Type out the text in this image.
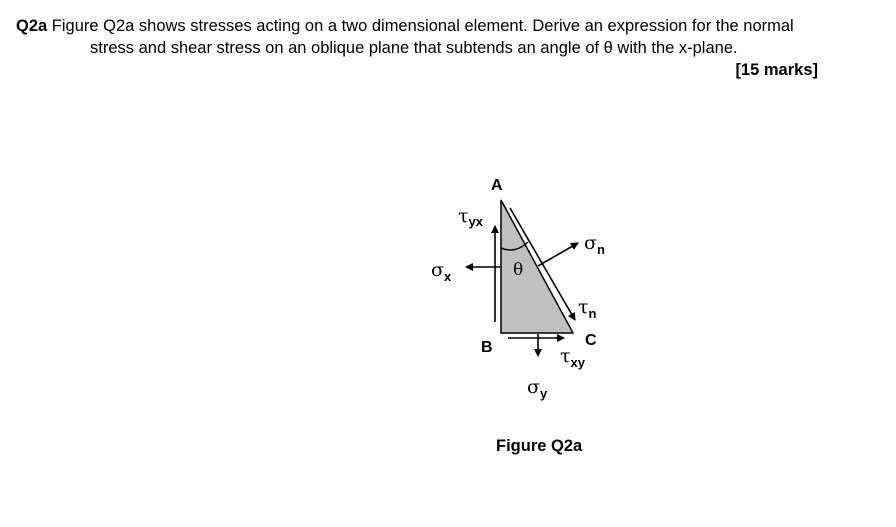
Q2a Figure Q2a shows stresses acting on a two dimensional element. Derive an expression for the normal
stress and shear stress on an oblique plane that subtends an angle of θ with the x-plane.
[15 marks]
A
B	C
θ
$\tau_{yx}$
$\sigma_x$
$\sigma_n$
$\tau_n$
$\tau_{xy}$
$\sigma_y$
Figure Q2a
